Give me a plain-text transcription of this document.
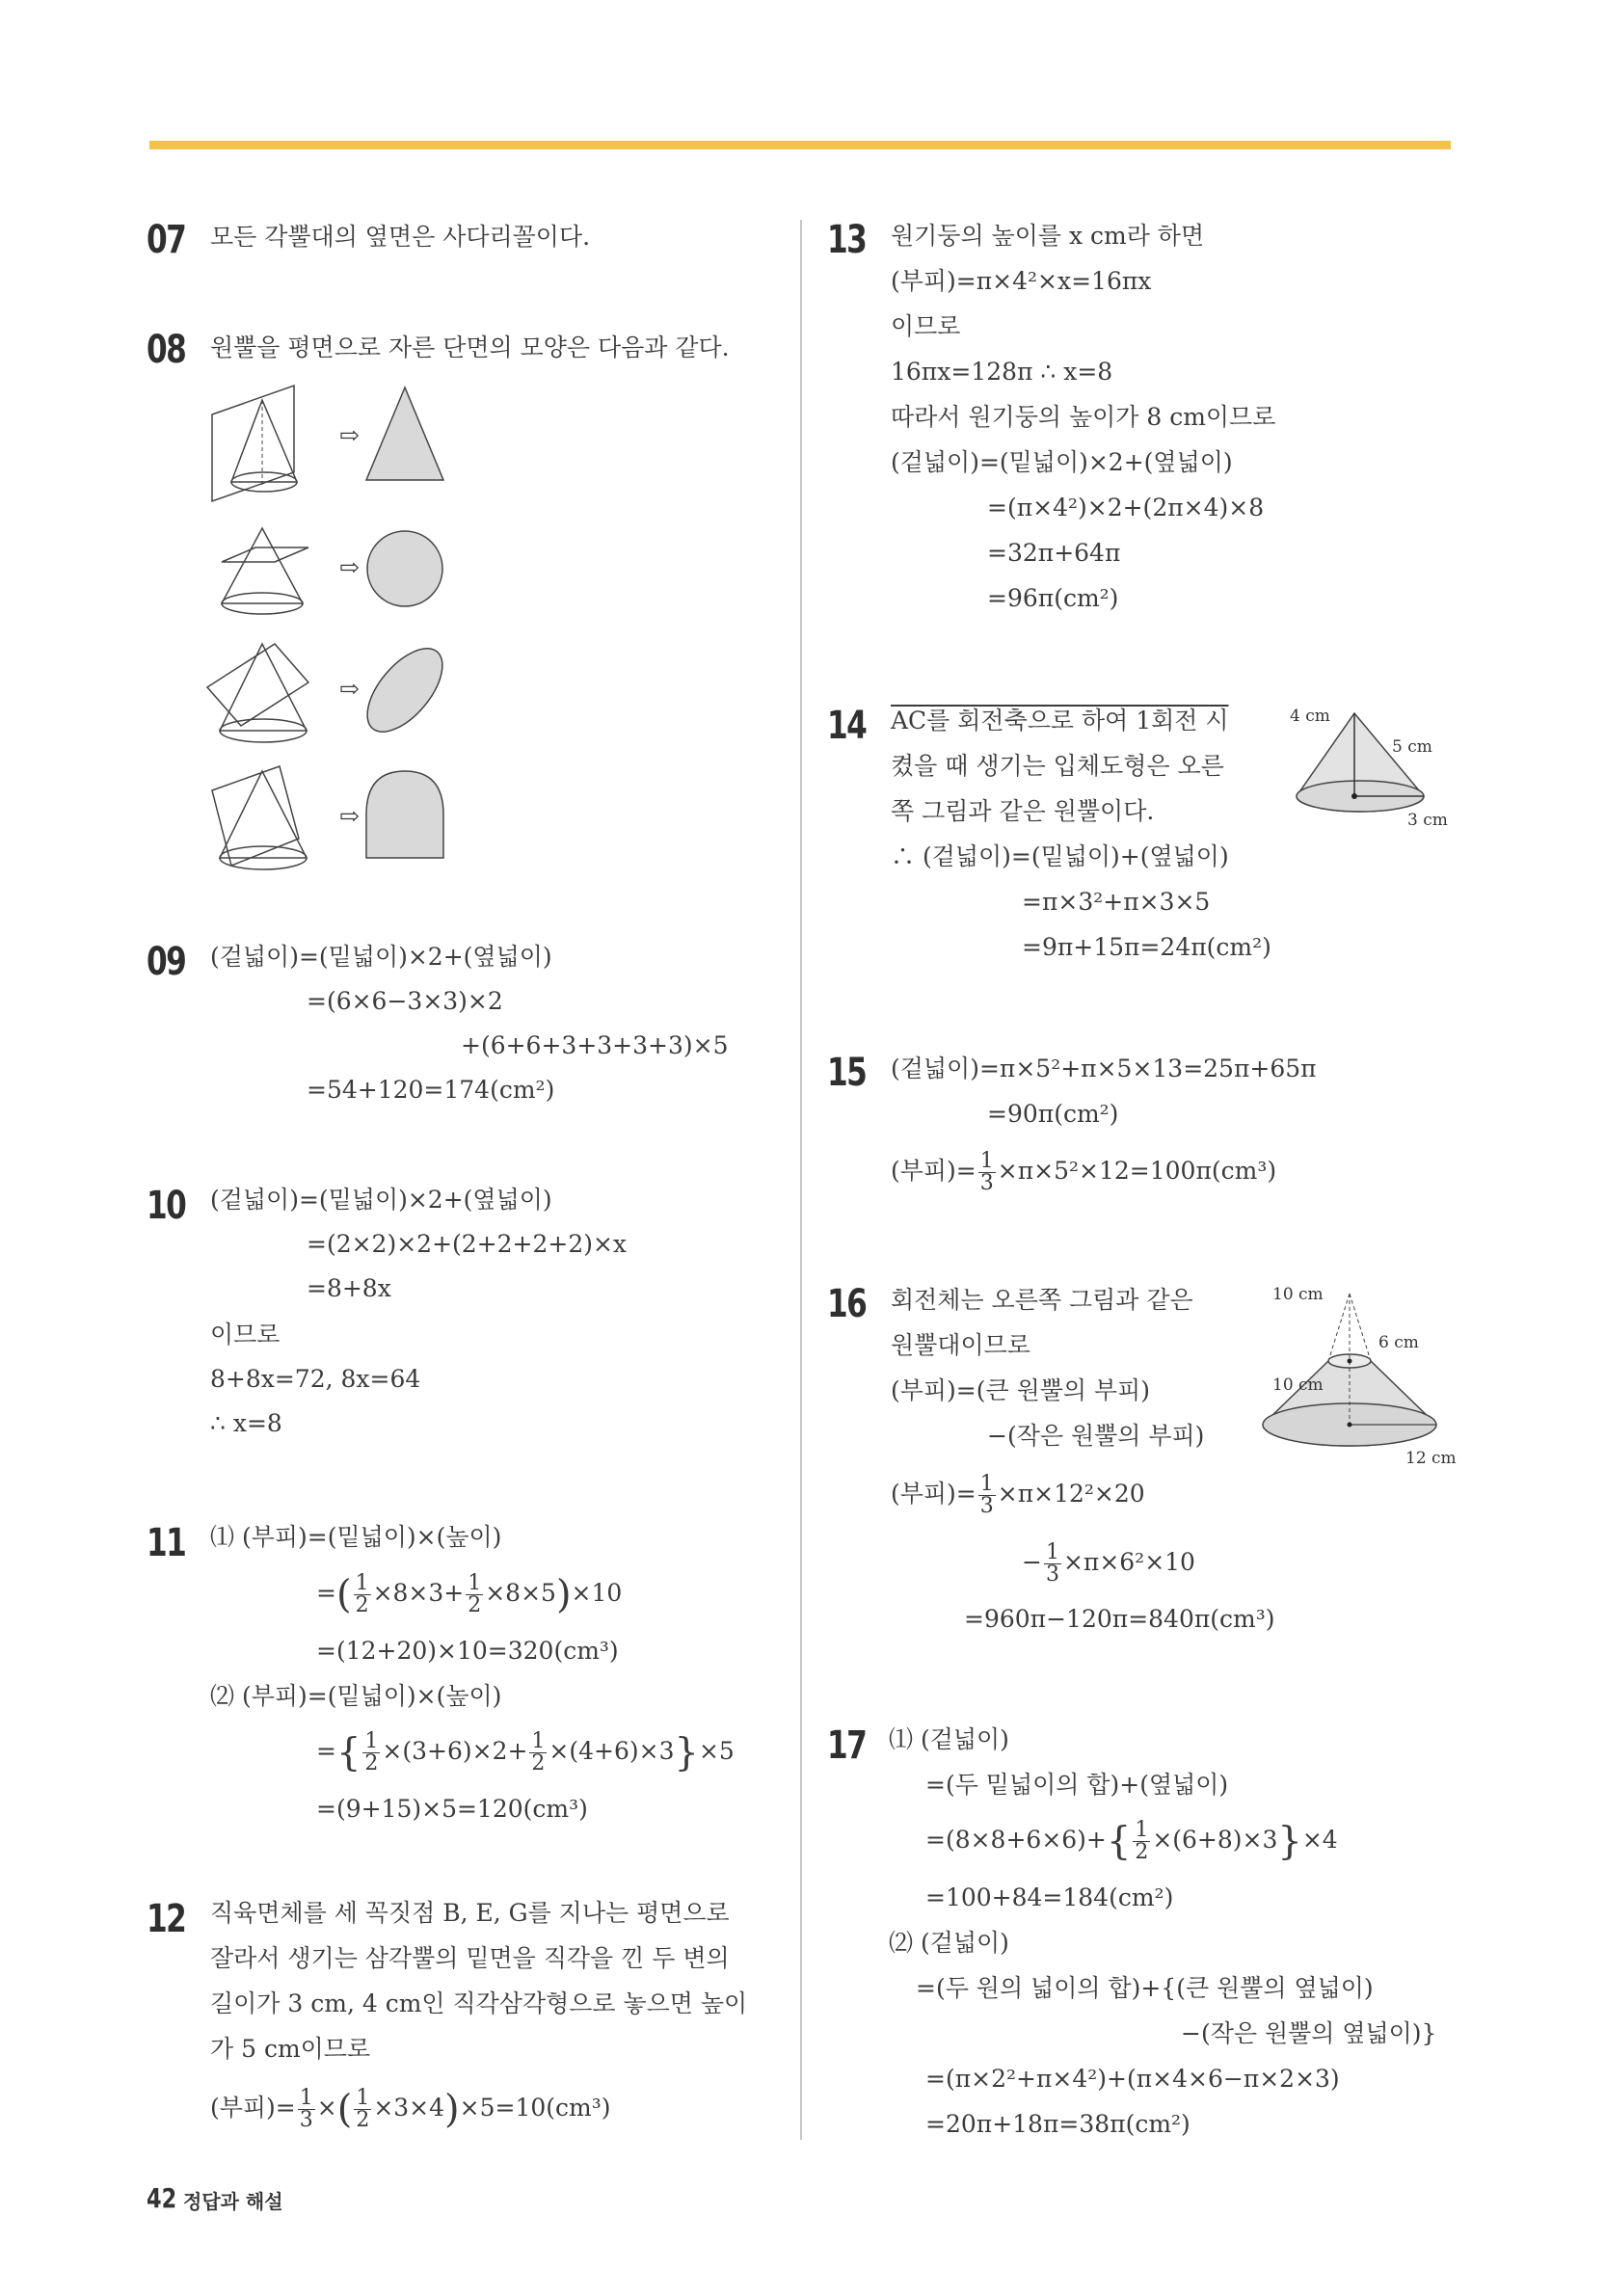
07 모든 각뿔대의 옆면은 사다리꼴이다.
08 원뿔을 평면으로 자른 단면의 모양은 다음과 같다.
⇨
⇨
⇨
⇨
09 (겉넓이)=(밑넓이)×2+(옆넓이)
=(6×6−3×3)×2
+(6+6+3+3+3+3)×5
=54+120=174(cm²)
10 (겉넓이)=(밑넓이)×2+(옆넓이)
=(2×2)×2+(2+2+2+2)×x
=8+8x
이므로
8+8x=72, 8x=64
∴ x=8
11 ⑴ (부피)=(밑넓이)×(높이)
=( $\frac{1}{2} \times 8\times 3+ \frac{1}{2} \times 8\times 5)\times 10$
=(12+20)×10=320(cm³)
⑵ (부피)=(밑넓이)×(높이)
={ $\frac{1}{2} \times(3+6)\times 2+ \frac{1}{2} \times(4+6)\times 3\}\times 5$
=(9+15)×5=120(cm³)
12 직육면체를 세 꼭짓점 B, E, G를 지나는 평면으로
잘라서 생기는 삼각뿔의 밑면을 직각을 낀 두 변의
길이가 3 cm, 4 cm인 직각삼각형으로 놓으면 높이
가 5 cm이므로
(부피)= $\frac{1}{3}$ ×( $\frac{1}{2} \times 3\times 4)\times 5=10(cm^3)$
13 원기둥의 높이를 x cm라 하면
(부피)=π×4²×x=16πx
이므로
16πx=128π ∴ x=8
따라서 원기둥의 높이가 8 cm이므로
(겉넓이)=(밑넓이)×2+(옆넓이)
=(π×4²)×2+(2π×4)×8
=32π+64π
=96π(cm²)
14 AC를 회전축으로 하여 1회전 시
켰을 때 생기는 입체도형은 오른
쪽 그림과 같은 원뿔이다.
∴ (겉넓이)=(밑넓이)+(옆넓이)
=π×3²+π×3×5
=9π+15π=24π(cm²)
4 cm
5 cm
3 cm
15 (겉넓이)=π×5²+π×5×13=25π+65π
=90π(cm²)
(부피)= $\frac{1}{3} \times\pi\times 5^2\times 12=100\pi(cm^3)$
16 회전체는 오른쪽 그림과 같은
원뿔대이므로
(부피)=(큰 원뿔의 부피)
−(작은 원뿔의 부피)
(부피)= $\frac{1}{3} \times\pi\times 12^2\times 20$
− $\frac{1}{3} \times\pi\times 6^2\times 10$
=960π−120π=840π(cm³)
10 cm
6 cm
10 cm
12 cm
17 ⑴ (겉넓이)
=(두 밑넓이의 합)+(옆넓이)
$=(8\times 8+6\times 6)+\{ \frac{1}{2} \times(6+8)\times 3\}\times 4$
=100+84=184(cm²)
⑵ (겉넓이)
=(두 원의 넓이의 합)+{(큰 원뿔의 옆넓이)
−(작은 원뿔의 옆넓이)}
=(π×2²+π×4²)+(π×4×6−π×2×3)
=20π+18π=38π(cm²)
42 정답과 해설
